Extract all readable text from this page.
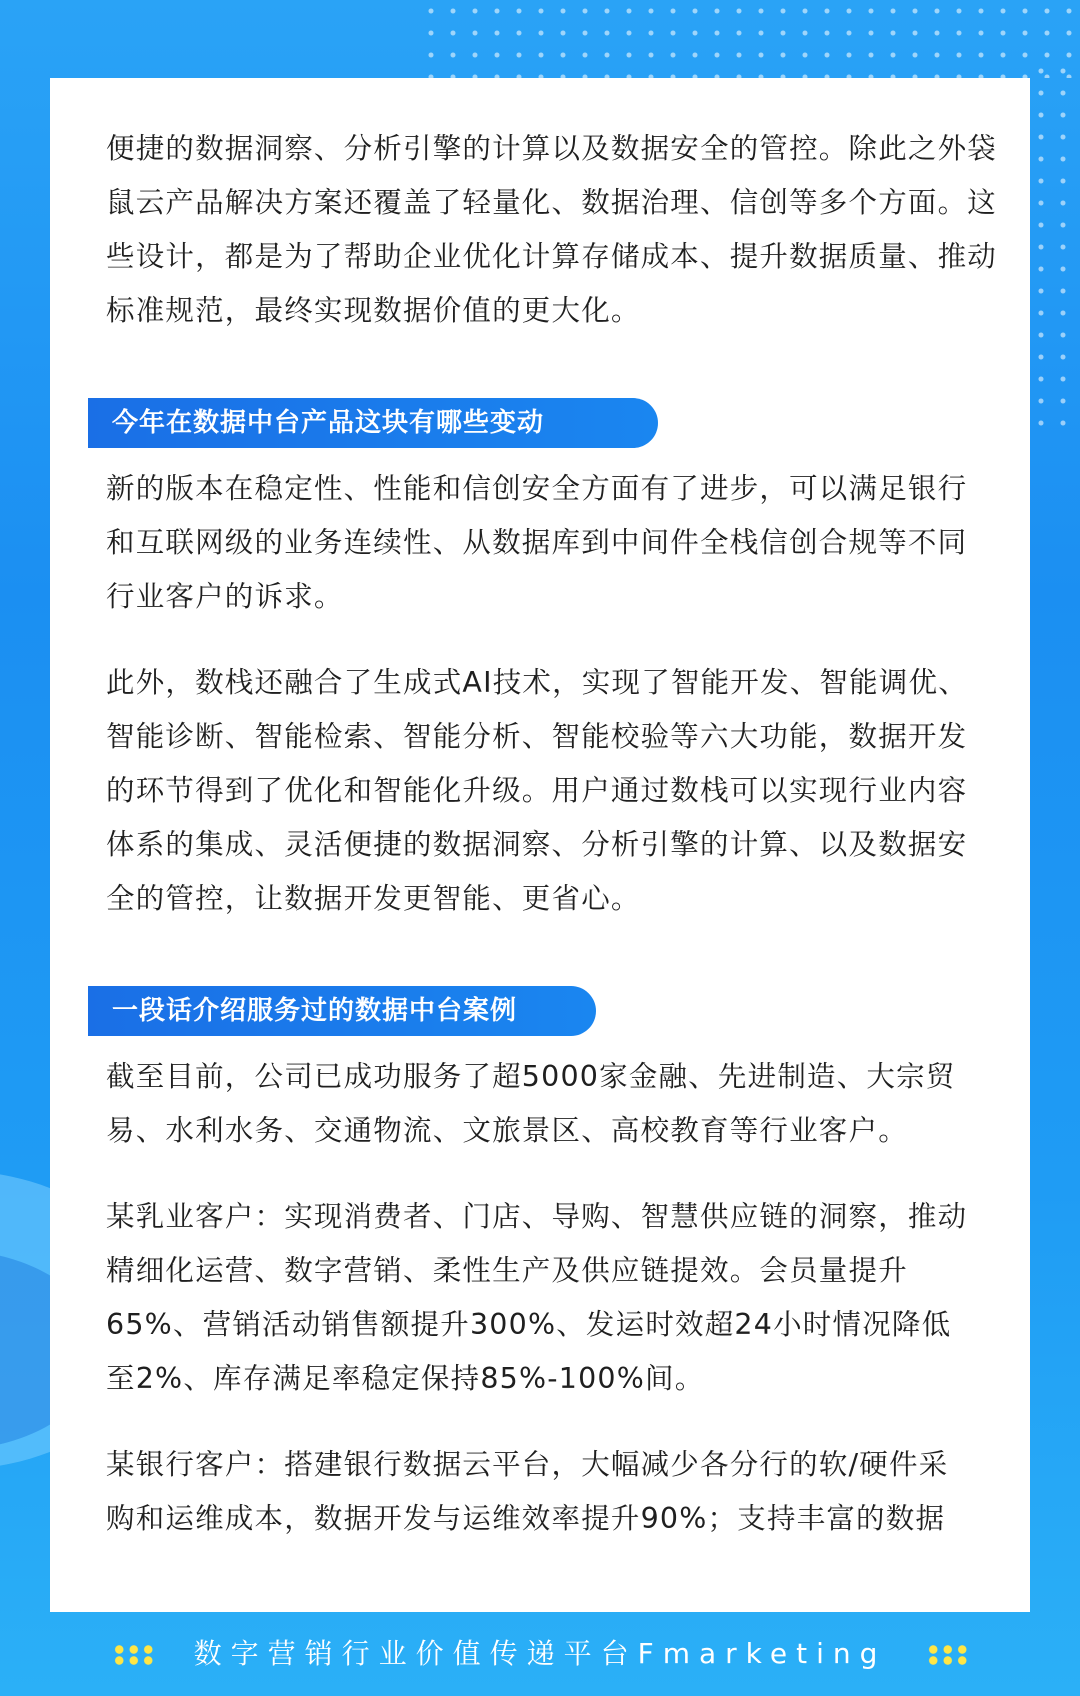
便捷的数据洞察、分析引擎的计算以及数据安全的管控。除此之外袋鼠云产品解决方案还覆盖了轻量化、数据治理、信创等多个方面。这些设计，都是为了帮助企业优化计算存储成本、提升数据质量、推动标准规范，最终实现数据价值的更大化。

今年在数据中台产品这块有哪些变动

新的版本在稳定性、性能和信创安全方面有了进步，可以满足银行和互联网级的业务连续性、从数据库到中间件全栈信创合规等不同行业客户的诉求。

此外，数栈还融合了生成式AI技术，实现了智能开发、智能调优、智能诊断、智能检索、智能分析、智能校验等六大功能，数据开发的环节得到了优化和智能化升级。用户通过数栈可以实现行业内容体系的集成、灵活便捷的数据洞察、分析引擎的计算、以及数据安全的管控，让数据开发更智能、更省心。

一段话介绍服务过的数据中台案例

截至目前，公司已成功服务了超5000家金融、先进制造、大宗贸易、水利水务、交通物流、文旅景区、高校教育等行业客户。

某乳业客户：实现消费者、门店、导购、智慧供应链的洞察，推动精细化运营、数字营销、柔性生产及供应链提效。会员量提升65%、营销活动销售额提升300%、发运时效超24小时情况降低至2%、库存满足率稳定保持85%-100%间。

某银行客户：搭建银行数据云平台，大幅减少各分行的软/硬件采购和运维成本，数据开发与运维效率提升90%；支持丰富的数据

数字营销行业价值传递平台Fmarketing
